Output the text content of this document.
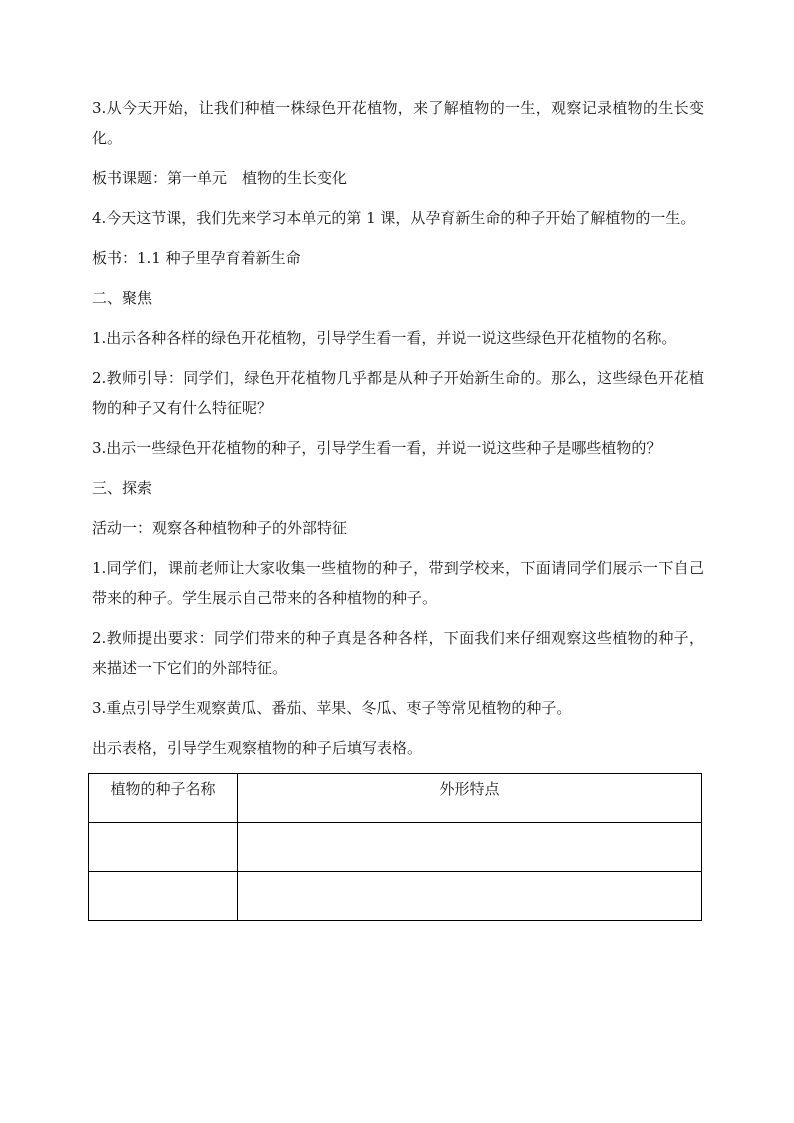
3.从今天开始，让我们种植一株绿色开花植物，来了解植物的一生，观察记录植物的生长变化。

板书课题：第一单元　植物的生长变化

4.今天这节课，我们先来学习本单元的第 1 课，从孕育新生命的种子开始了解植物的一生。

板书：1.1 种子里孕育着新生命

二、聚焦

1.出示各种各样的绿色开花植物，引导学生看一看，并说一说这些绿色开花植物的名称。

2.教师引导：同学们，绿色开花植物几乎都是从种子开始新生命的。那么，这些绿色开花植物的种子又有什么特征呢？

3.出示一些绿色开花植物的种子，引导学生看一看，并说一说这些种子是哪些植物的？

三、探索

活动一：观察各种植物种子的外部特征

1.同学们，课前老师让大家收集一些植物的种子，带到学校来，下面请同学们展示一下自己带来的种子。学生展示自己带来的各种植物的种子。

2.教师提出要求：同学们带来的种子真是各种各样，下面我们来仔细观察这些植物的种子，来描述一下它们的外部特征。

3.重点引导学生观察黄瓜、番茄、苹果、冬瓜、枣子等常见植物的种子。

出示表格，引导学生观察植物的种子后填写表格。

植物的种子名称	外形特点
